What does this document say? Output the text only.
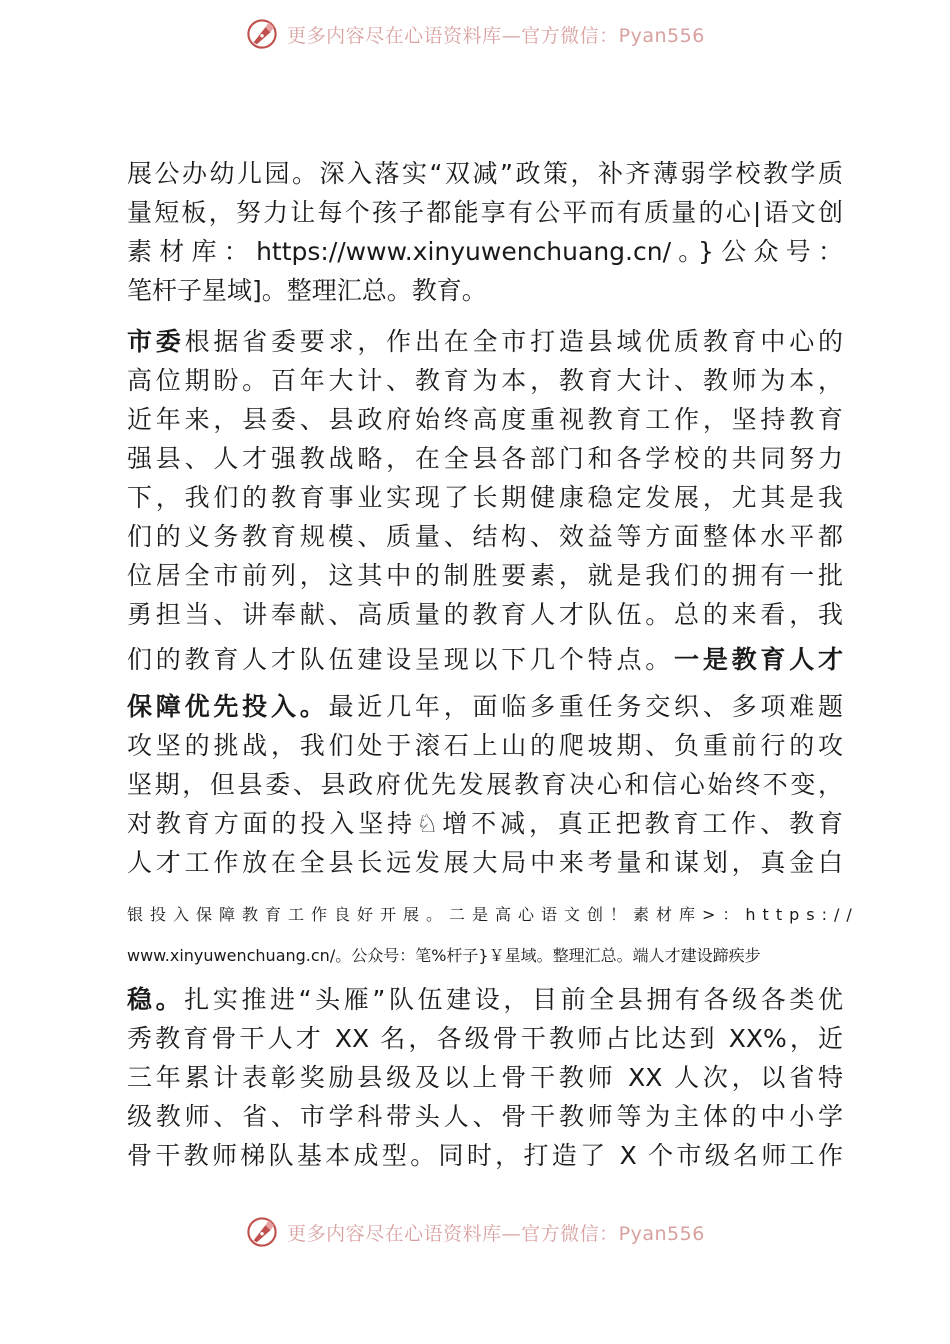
更多内容尽在心语资料库—官方微信：Pyan556
展公办幼儿园。深入落实“双减”政策，补齐薄弱学校教学质
量短板，努力让每个孩子都能享有公平而有质量的心|语文创
素材库：https://www.xinyuwenchuang.cn/。}公众号：
笔杆子星域]。整理汇总。教育。
市委根据省委要求，作出在全市打造县域优质教育中心的
高位期盼。百年大计、教育为本，教育大计、教师为本，
近年来，县委、县政府始终高度重视教育工作，坚持教育
强县、人才强教战略，在全县各部门和各学校的共同努力
下，我们的教育事业实现了长期健康稳定发展，尤其是我
们的义务教育规模、质量、结构、效益等方面整体水平都
位居全市前列，这其中的制胜要素，就是我们的拥有一批
勇担当、讲奉献、高质量的教育人才队伍。总的来看，我
们的教育人才队伍建设呈现以下几个特点。一是教育人才
保障优先投入。最近几年，面临多重任务交织、多项难题
攻坚的挑战，我们处于滚石上山的爬坡期、负重前行的攻
坚期，但县委、县政府优先发展教育决心和信心始终不变，
对教育方面的投入坚持♘增不减，真正把教育工作、教育
人才工作放在全县长远发展大局中来考量和谋划，真金白
银投入保障教育工作良好开展。二是高心语文创！素材库>：https://
www.xinyuwenchuang.cn/。公众号：笔%杆子}￥星域。整理汇总。端人才建设蹄疾步
稳。扎实推进“头雁”队伍建设，目前全县拥有各级各类优
秀教育骨干人才 XX 名，各级骨干教师占比达到 XX%，近
三年累计表彰奖励县级及以上骨干教师 XX 人次，以省特
级教师、省、市学科带头人、骨干教师等为主体的中小学
骨干教师梯队基本成型。同时，打造了 X 个市级名师工作
更多内容尽在心语资料库—官方微信：Pyan556
